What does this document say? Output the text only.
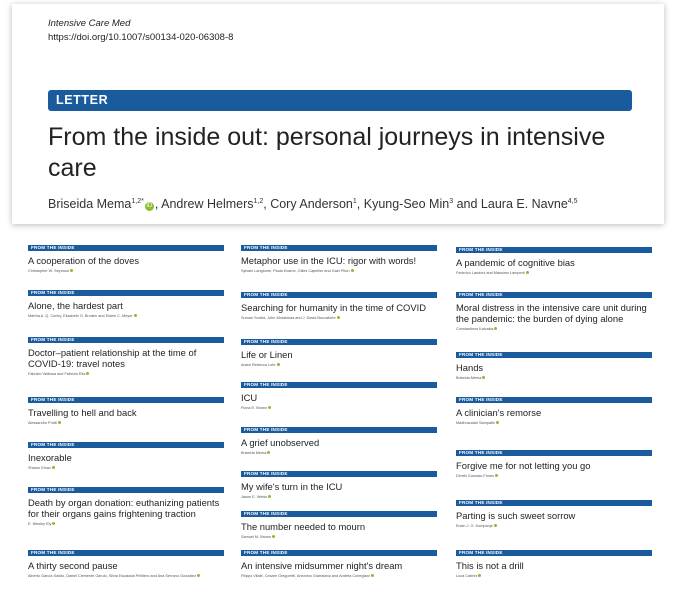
Intensive Care Med
https://doi.org/10.1007/s00134-020-06308-8
LETTER
From the inside out: personal journeys in intensive care
Briseida Mema$^{1,2*}$iD , Andrew Helmers$^{1,2}$, Cory Anderson$^1$, Kyung-Seo Min$^3$ and Laura E. Navne$^{4,5}$
FROM THE INSIDE
A cooperation of the doves
Christopher W. Seymour
FROM THE INSIDE
Alone, the hardest part
Martha A. Q. Curley, Elizabeth G. Broden and Elaine C. Meyer
FROM THE INSIDE
Doctor–patient relationship at the time of COVID-19: travel notes
Fabrizio Valbusa and Fabrizio Elia
FROM THE INSIDE
Travelling to hell and back
Alessandro Protti
FROM THE INSIDE
Inexorable
Sharon Einav
FROM THE INSIDE
Death by organ donation: euthanizing patients for their organs gains frightening traction
E. Wesley Ely
FROM THE INSIDE
A thirty second pause
Alberto García Salido, Daniel Clemente Garulo, Silvia Escalada Pellitero and Ana Serrano González
FROM THE INSIDE
Metaphor use in the ICU: rigor with words!
Sylvain Langlume, Paula Ecamo, Gilles Capellier and Gael Piton
FROM THE INSIDE
Searching for humanity in the time of COVID
Suman Sordia, John Mostamaa and J. David Boccaforte
FROM THE INSIDE
Life or Linen
Arash Rebecca Lohr
FROM THE INSIDE
ICU
Fiona E. Brown
FROM THE INSIDE
A grief unobserved
Briseida Mema
FROM THE INSIDE
My wife's turn in the ICU
Jason E. Weiss
FROM THE INSIDE
The number needed to mourn
Samuel M. Brown
FROM THE INSIDE
An intensive midsummer night's dream
Filippo Vitale, Cesare Gregoretti, Antonino Giarratano and Andrea Cortegiani
FROM THE INSIDE
A pandemic of cognitive bias
Federico Landoni and Massimo Lamperti
FROM THE INSIDE
Moral distress in the intensive care unit during the pandemic: the burden of dying alone
Constantinos Kalvakis
FROM THE INSIDE
Hands
Briseida Mema
FROM THE INSIDE
A clinician's remorse
Madhusudan Sampathi
FROM THE INSIDE
Forgive me for not letting you go
Dimitri Gusmao-Flores
FROM THE INSIDE
Parting is such sweet sorrow
Erwin J. O. Kompanje
FROM THE INSIDE
This is not a drill
Luca Cabrini
